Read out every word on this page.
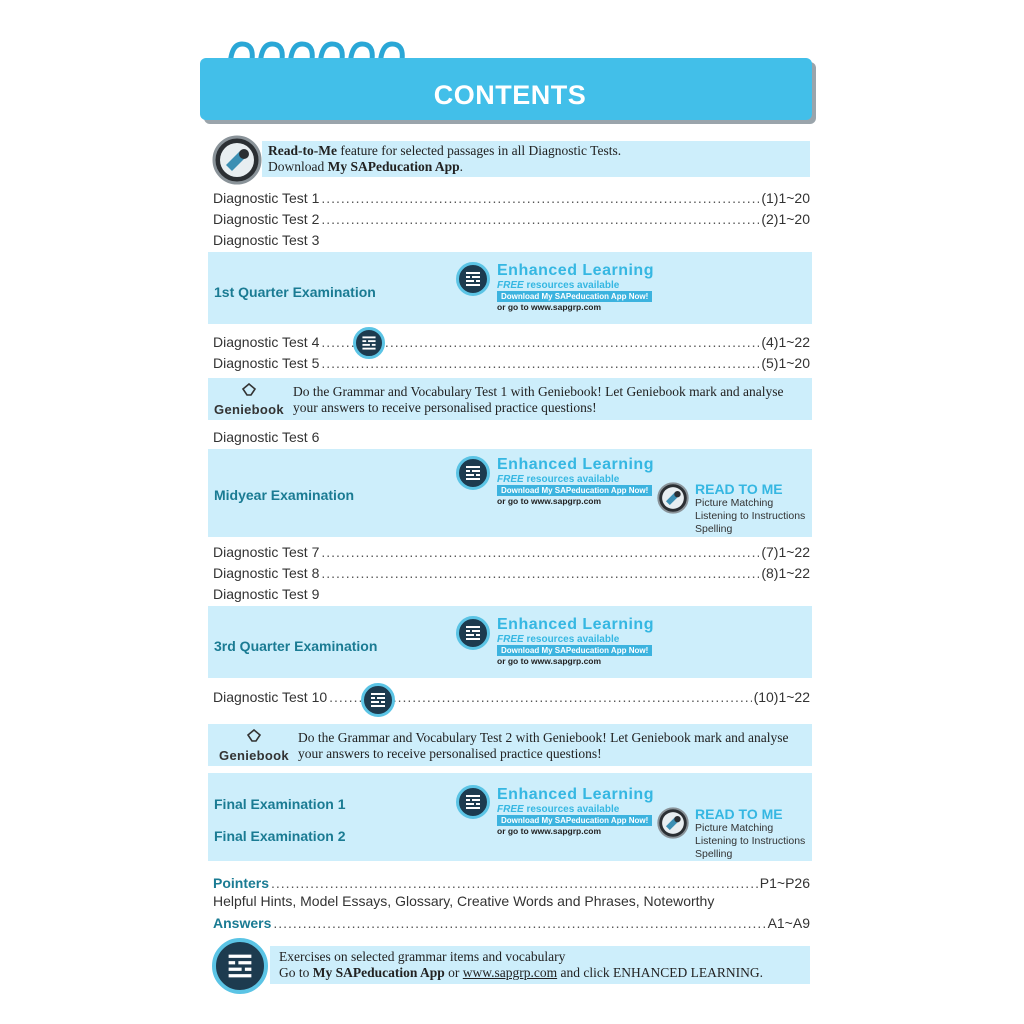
CONTENTS
Read-to-Me feature for selected passages in all Diagnostic Tests.
Download My SAPeducation App.
Diagnostic Test 1 .....	(1)1~20
Diagnostic Test 2 .....	(2)1~20
Diagnostic Test 3
1st Quarter Examination
Enhanced Learning
FREE resources available
Download My SAPeducation App Now!
or go to www.sapgrp.com
Diagnostic Test 4 .....	(4)1~22
Diagnostic Test 5 .....	(5)1~20
Geniebook
Do the Grammar and Vocabulary Test 1 with Geniebook! Let Geniebook mark and analyse
your answers to receive personalised practice questions!
Diagnostic Test 6
Midyear Examination
Enhanced Learning
FREE resources available
Download My SAPeducation App Now!
or go to www.sapgrp.com
READ TO ME
Picture Matching
Listening to Instructions
Spelling
Diagnostic Test 7 .....	(7)1~22
Diagnostic Test 8 .....	(8)1~22
Diagnostic Test 9
3rd Quarter Examination
Enhanced Learning
FREE resources available
Download My SAPeducation App Now!
or go to www.sapgrp.com
Diagnostic Test 10 .....	(10)1~22
Geniebook
Do the Grammar and Vocabulary Test 2 with Geniebook! Let Geniebook mark and analyse
your answers to receive personalised practice questions!
Final Examination 1
Final Examination 2
Enhanced Learning
FREE resources available
Download My SAPeducation App Now!
or go to www.sapgrp.com
READ TO ME
Picture Matching
Listening to Instructions
Spelling
Pointers .....	P1~P26
Helpful Hints, Model Essays, Glossary, Creative Words and Phrases, Noteworthy
Answers .....	A1~A9
Exercises on selected grammar items and vocabulary
Go to My SAPeducation App or www.sapgrp.com and click ENHANCED LEARNING.
